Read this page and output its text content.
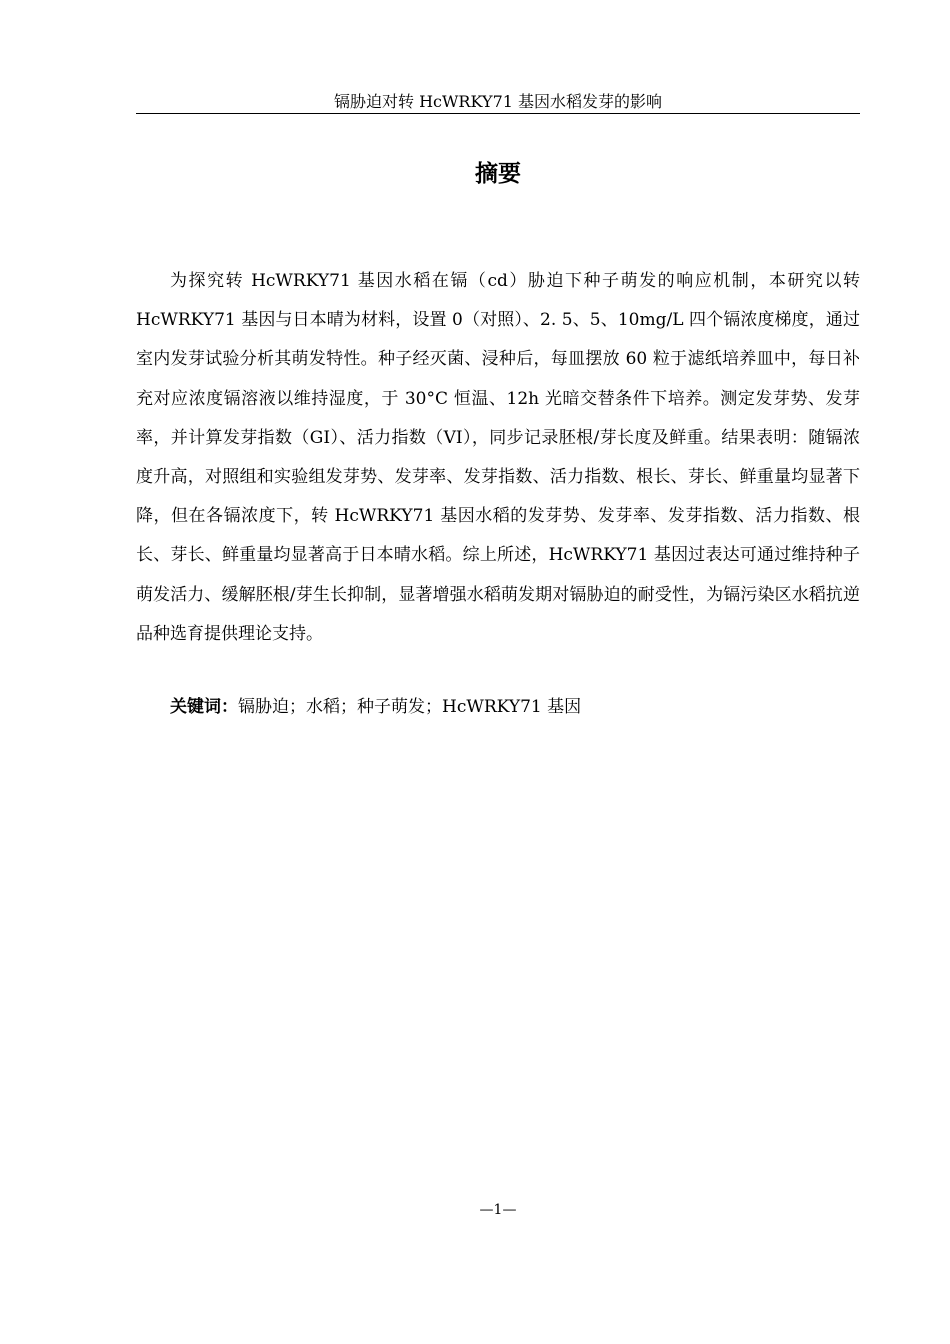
镉胁迫对转 HcWRKY71 基因水稻发芽的影响
摘要

为探究转 HcWRKY71 基因水稻在镉（cd）胁迫下种子萌发的响应机制，本研究以转 HcWRKY71 基因与日本晴为材料，设置 0（对照）、2. 5、5、10mg/L 四个镉浓度梯度，通过室内发芽试验分析其萌发特性。种子经灭菌、浸种后，每皿摆放 60 粒于滤纸培养皿中，每日补充对应浓度镉溶液以维持湿度，于 30°C 恒温、12h 光暗交替条件下培养。测定发芽势、发芽率，并计算发芽指数（GI）、活力指数（VI），同步记录胚根/芽长度及鲜重。结果表明：随镉浓度升高，对照组和实验组发芽势、发芽率、发芽指数、活力指数、根长、芽长、鲜重量均显著下降，但在各镉浓度下，转 HcWRKY71 基因水稻的发芽势、发芽率、发芽指数、活力指数、根长、芽长、鲜重量均显著高于日本晴水稻。综上所述，HcWRKY71 基因过表达可通过维持种子萌发活力、缓解胚根/芽生长抑制，显著增强水稻萌发期对镉胁迫的耐受性，为镉污染区水稻抗逆品种选育提供理论支持。

关键词：镉胁迫；水稻；种子萌发；HcWRKY71 基因

—1—
